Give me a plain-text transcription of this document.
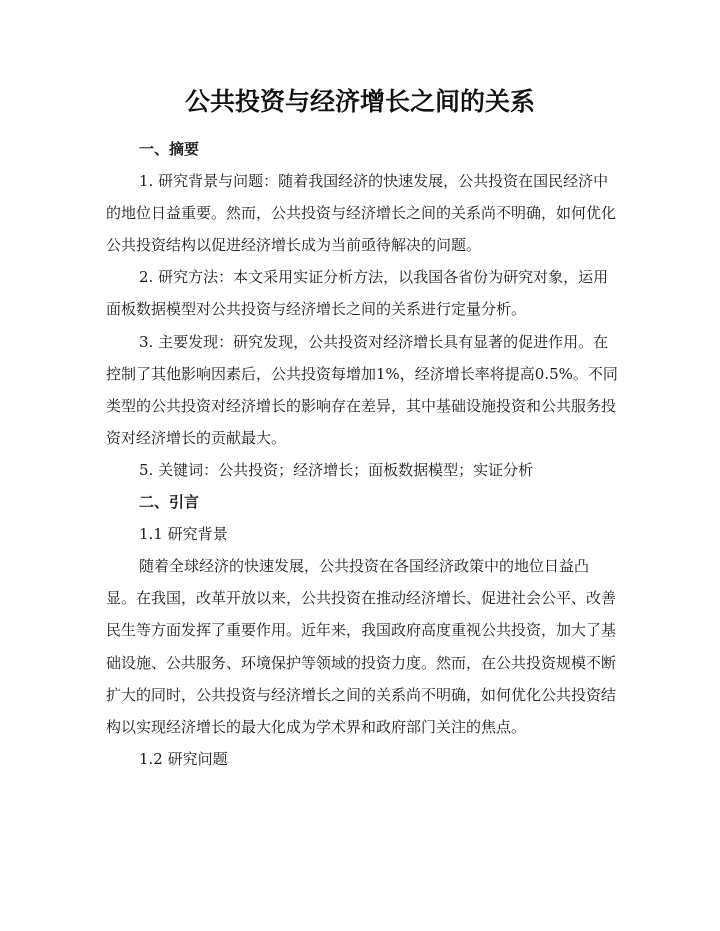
公共投资与经济增长之间的关系

一、摘要

1. 研究背景与问题：随着我国经济的快速发展，公共投资在国民经济中的地位日益重要。然而，公共投资与经济增长之间的关系尚不明确，如何优化公共投资结构以促进经济增长成为当前亟待解决的问题。

2. 研究方法：本文采用实证分析方法，以我国各省份为研究对象，运用面板数据模型对公共投资与经济增长之间的关系进行定量分析。

3. 主要发现：研究发现，公共投资对经济增长具有显著的促进作用。在控制了其他影响因素后，公共投资每增加1%，经济增长率将提高0.5%。不同类型的公共投资对经济增长的影响存在差异，其中基础设施投资和公共服务投资对经济增长的贡献最大。

5. 关键词：公共投资；经济增长；面板数据模型；实证分析

二、引言

1.1 研究背景

随着全球经济的快速发展，公共投资在各国经济政策中的地位日益凸显。在我国，改革开放以来，公共投资在推动经济增长、促进社会公平、改善民生等方面发挥了重要作用。近年来，我国政府高度重视公共投资，加大了基础设施、公共服务、环境保护等领域的投资力度。然而，在公共投资规模不断扩大的同时，公共投资与经济增长之间的关系尚不明确，如何优化公共投资结构以实现经济增长的最大化成为学术界和政府部门关注的焦点。

1.2 研究问题
